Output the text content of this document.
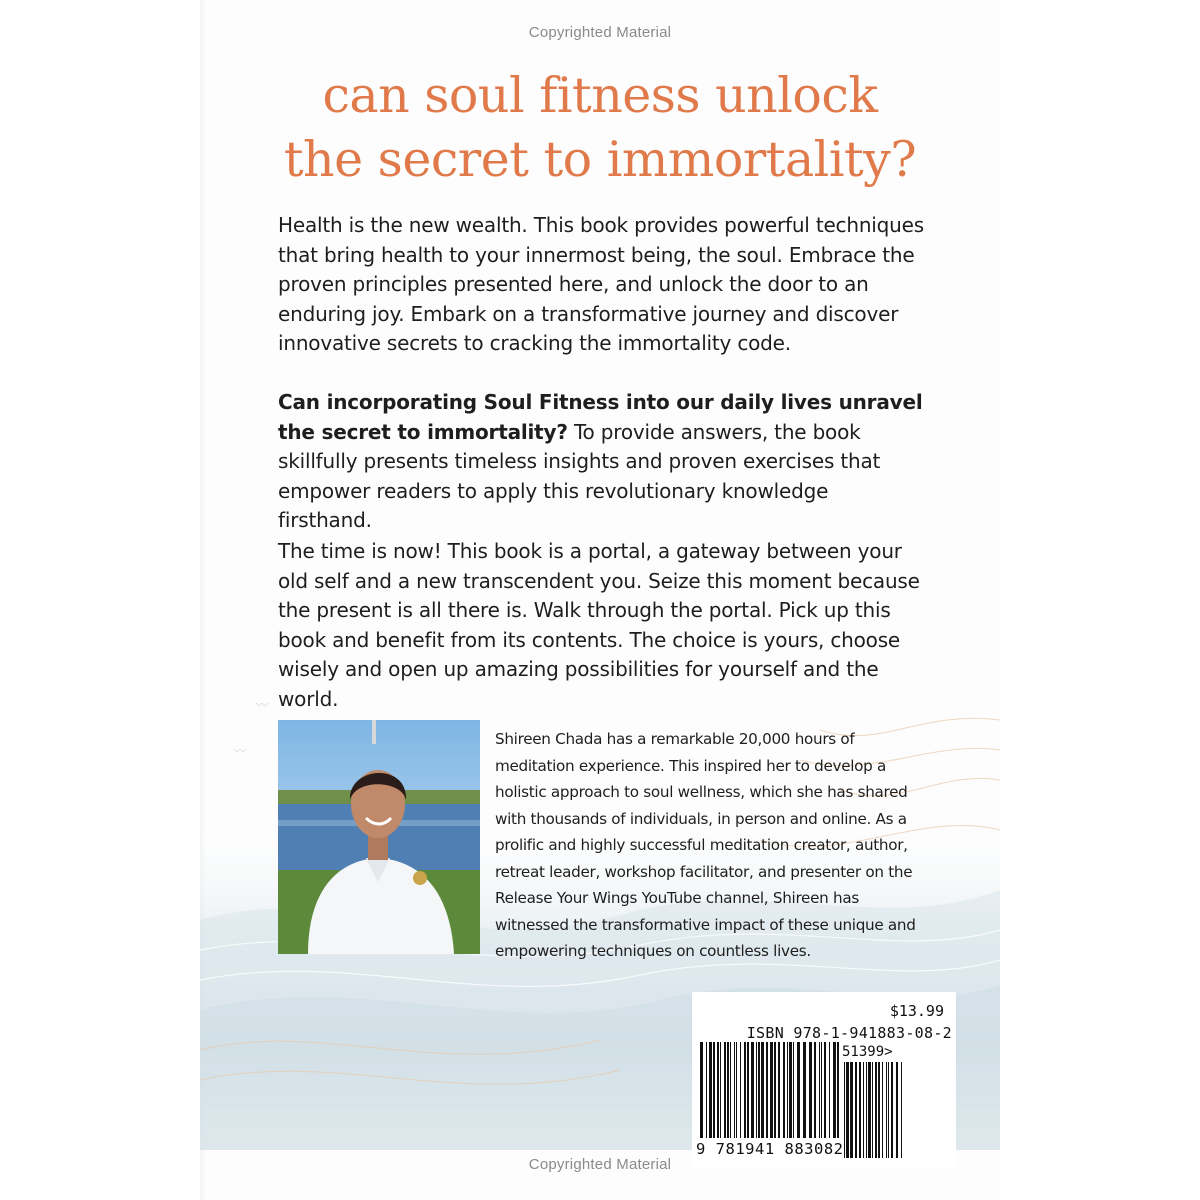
Copyrighted Material
can soul fitness unlock
the secret to immortality?
Health is the new wealth. This book provides powerful techniques that bring health to your innermost being, the soul. Embrace the proven principles presented here, and unlock the door to an enduring joy. Embark on a transformative journey and discover innovative secrets to cracking the immortality code.
Can incorporating Soul Fitness into our daily lives unravel the secret to immortality? To provide answers, the book skillfully presents timeless insights and proven exercises that empower readers to apply this revolutionary knowledge firsthand.
The time is now! This book is a portal, a gateway between your old self and a new transcendent you. Seize this moment because the present is all there is. Walk through the portal. Pick up this book and benefit from its contents. The choice is yours, choose wisely and open up amazing possibilities for yourself and the world.
〰
〰
Shireen Chada has a remarkable 20,000 hours of meditation experience. This inspired her to develop a holistic approach to soul wellness, which she has shared with thousands of individuals, in person and online. As a prolific and highly successful meditation creator, author, retreat leader, workshop facilitator, and presenter on the Release Your Wings YouTube channel, Shireen has witnessed the transformative impact of these unique and empowering techniques on countless lives.
$13.99
ISBN 978-1-941883-08-2
51399>
9 781941 883082
Copyrighted Material
